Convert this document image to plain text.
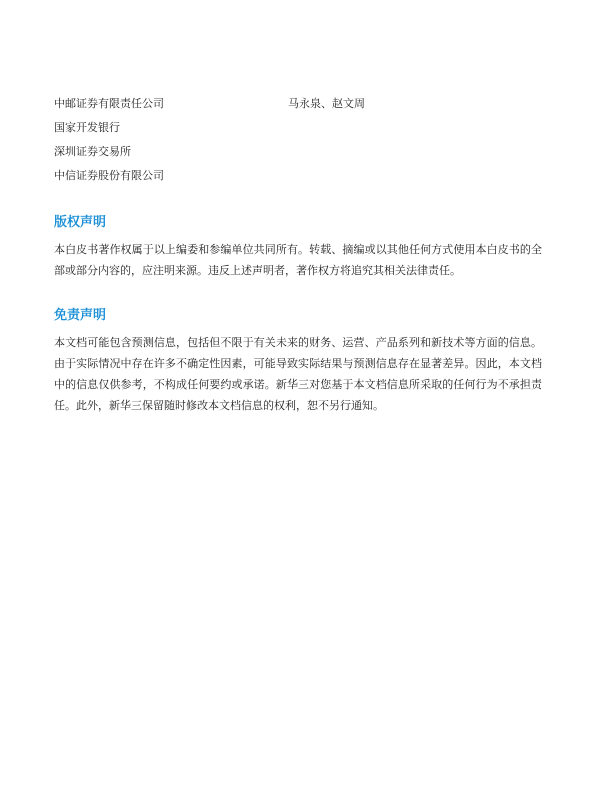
中邮证券有限责任公司	马永泉、赵文周
国家开发银行
深圳证券交易所
中信证券股份有限公司
版权声明

本白皮书著作权属于以上编委和参编单位共同所有。转载、摘编或以其他任何方式使用本白皮书的全部或部分内容的，应注明来源。违反上述声明者，著作权方将追究其相关法律责任。

免责声明

本文档可能包含预测信息，包括但不限于有关未来的财务、运营、产品系列和新技术等方面的信息。由于实际情况中存在许多不确定性因素，可能导致实际结果与预测信息存在显著差异。因此，本文档中的信息仅供参考，不构成任何要约或承诺。新华三对您基于本文档信息所采取的任何行为不承担责任。此外，新华三保留随时修改本文档信息的权利，恕不另行通知。
